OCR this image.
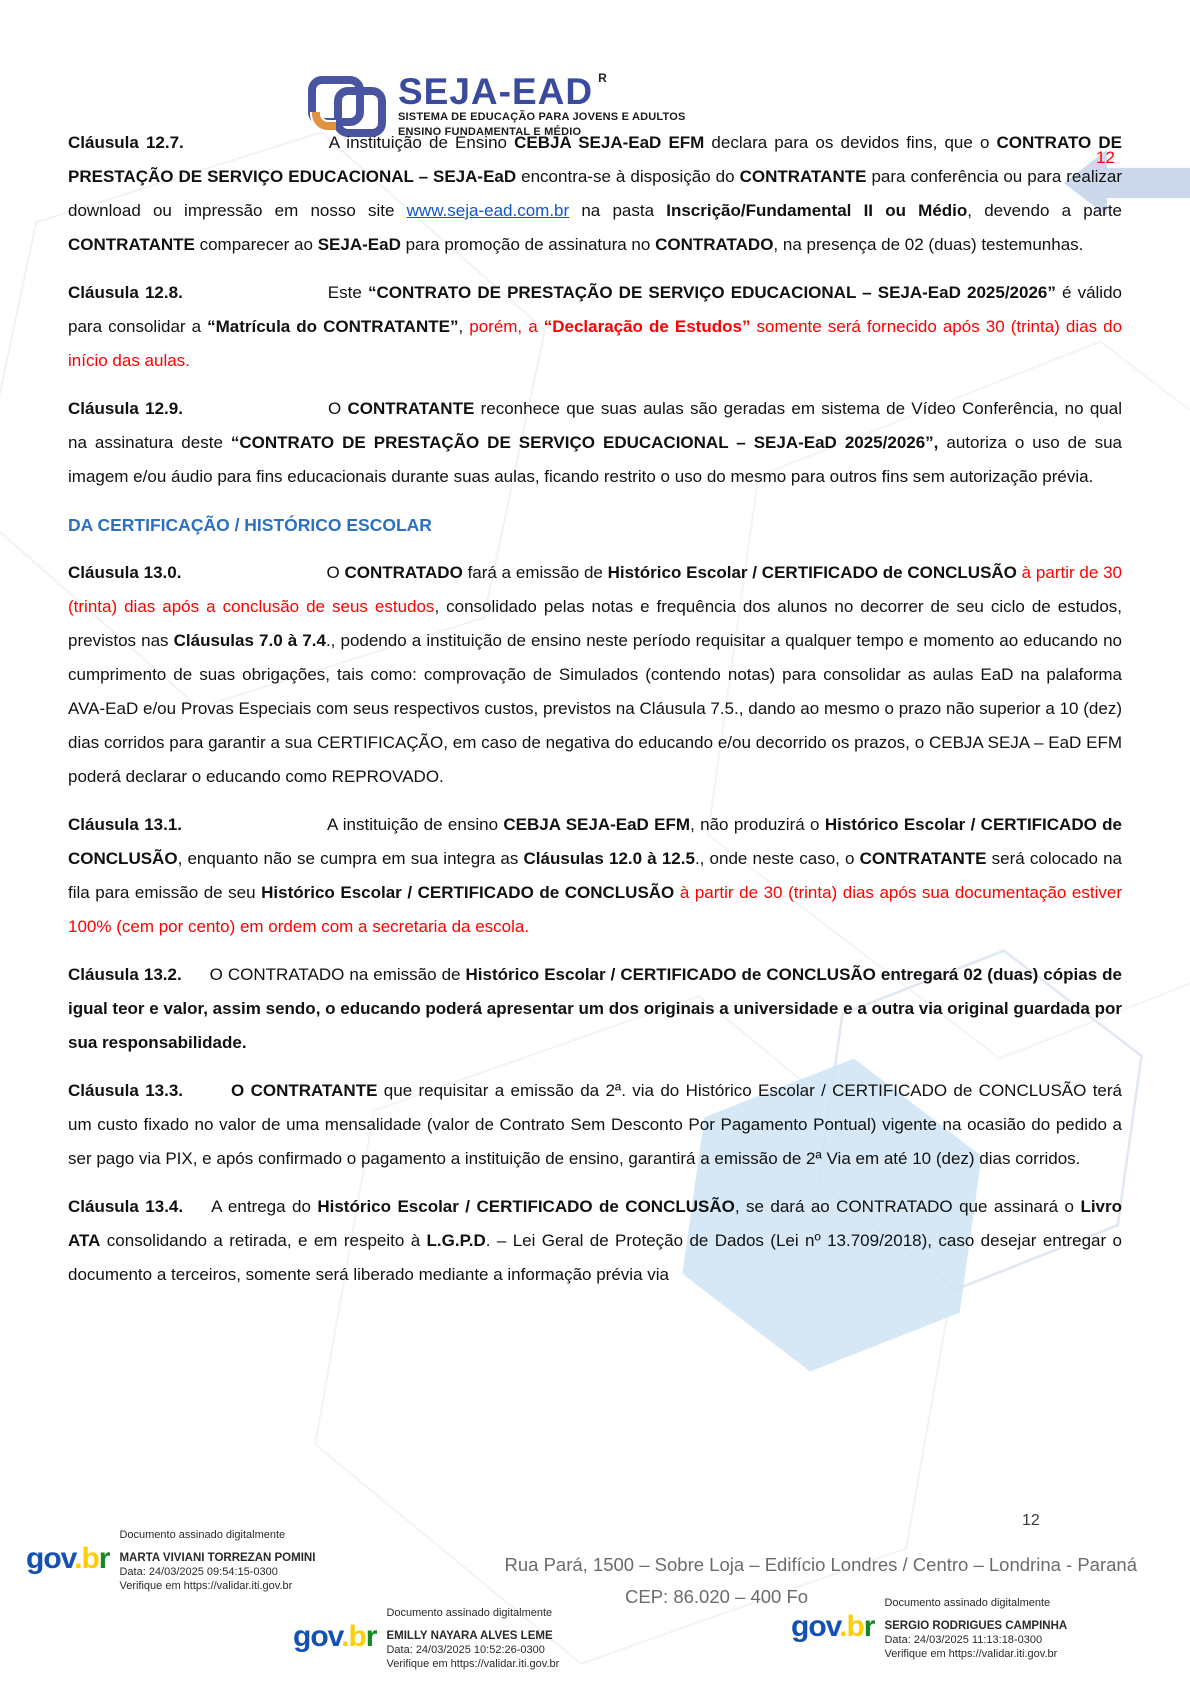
12
SEJA-EAD R
SISTEMA DE EDUCAÇÃO PARA JOVENS E ADULTOS
ENSINO FUNDAMENTAL E MÉDIO

Cláusula 12.7.	A instituição de Ensino CEBJA SEJA-EaD EFM declara para os devidos fins, que o CONTRATO DE PRESTAÇÃO DE SERVIÇO EDUCACIONAL – SEJA-EaD encontra-se à disposição do CONTRATANTE para conferência ou para realizar download ou impressão em nosso site www.seja-ead.com.br na pasta Inscrição/Fundamental II ou Médio, devendo a parte CONTRATANTE comparecer ao SEJA-EaD para promoção de assinatura no CONTRATADO, na presença de 02 (duas) testemunhas.

Cláusula 12.8.	Este “CONTRATO DE PRESTAÇÃO DE SERVIÇO EDUCACIONAL – SEJA-EaD 2025/2026” é válido para consolidar a “Matrícula do CONTRATANTE”, porém, a “Declaração de Estudos” somente será fornecido após 30 (trinta) dias do início das aulas.

Cláusula 12.9.	O CONTRATANTE reconhece que suas aulas são geradas em sistema de Vídeo Conferência, no qual na assinatura deste “CONTRATO DE PRESTAÇÃO DE SERVIÇO EDUCACIONAL – SEJA-EaD 2025/2026”, autoriza o uso de sua imagem e/ou áudio para fins educacionais durante suas aulas, ficando restrito o uso do mesmo para outros fins sem autorização prévia.

DA CERTIFICAÇÃO / HISTÓRICO ESCOLAR

Cláusula 13.0.	O CONTRATADO fará a emissão de Histórico Escolar / CERTIFICADO de CONCLUSÃO à partir de 30 (trinta) dias após a conclusão de seus estudos, consolidado pelas notas e frequência dos alunos no decorrer de seu ciclo de estudos, previstos nas Cláusulas 7.0 à 7.4., podendo a instituição de ensino neste período requisitar a qualquer tempo e momento ao educando no cumprimento de suas obrigações, tais como: comprovação de Simulados (contendo notas) para consolidar as aulas EaD na palaforma AVA-EaD e/ou Provas Especiais com seus respectivos custos, previstos na Cláusula 7.5., dando ao mesmo o prazo não superior a 10 (dez) dias corridos para garantir a sua CERTIFICAÇÃO, em caso de negativa do educando e/ou decorrido os prazos, o CEBJA SEJA – EaD EFM poderá declarar o educando como REPROVADO.

Cláusula 13.1.	A instituição de ensino CEBJA SEJA-EaD EFM, não produzirá o Histórico Escolar / CERTIFICADO de CONCLUSÃO, enquanto não se cumpra em sua integra as Cláusulas 12.0 à 12.5., onde neste caso, o CONTRATANTE será colocado na fila para emissão de seu Histórico Escolar / CERTIFICADO de CONCLUSÃO à partir de 30 (trinta) dias após sua documentação estiver 100% (cem por cento) em ordem com a secretaria da escola.

Cláusula 13.2. O CONTRATADO na emissão de Histórico Escolar / CERTIFICADO de CONCLUSÃO entregará 02 (duas) cópias de igual teor e valor, assim sendo, o educando poderá apresentar um dos originais a universidade e a outra via original guardada por sua responsabilidade.

Cláusula 13.3.	O CONTRATANTE que requisitar a emissão da 2ª. via do Histórico Escolar / CERTIFICADO de CONCLUSÃO terá um custo fixado no valor de uma mensalidade (valor de Contrato Sem Desconto Por Pagamento Pontual) vigente na ocasião do pedido a ser pago via PIX, e após confirmado o pagamento a instituição de ensino, garantirá a emissão de 2ª Via em até 10 (dez) dias corridos.

Cláusula 13.4. A entrega do Histórico Escolar / CERTIFICADO de CONCLUSÃO, se dará ao CONTRATADO que assinará o Livro ATA consolidando a retirada, e em respeito à L.G.P.D. – Lei Geral de Proteção de Dados (Lei nº 13.709/2018), caso desejar entregar o documento a terceiros, somente será liberado mediante a informação prévia via

12
Rua Pará, 1500 – Sobre Loja – Edifício Londres / Centro – Londrina - Paraná
CEP: 86.020 – 400 Fo
gov.br
Documento assinado digitalmente
MARTA VIVIANI TORREZAN POMINI
Data: 24/03/2025 09:54:15-0300
Verifique em https://validar.iti.gov.br
gov.br
Documento assinado digitalmente
EMILLY NAYARA ALVES LEME
Data: 24/03/2025 10:52:26-0300
Verifique em https://validar.iti.gov.br
gov.br
Documento assinado digitalmente
SERGIO RODRIGUES CAMPINHA
Data: 24/03/2025 11:13:18-0300
Verifique em https://validar.iti.gov.br
